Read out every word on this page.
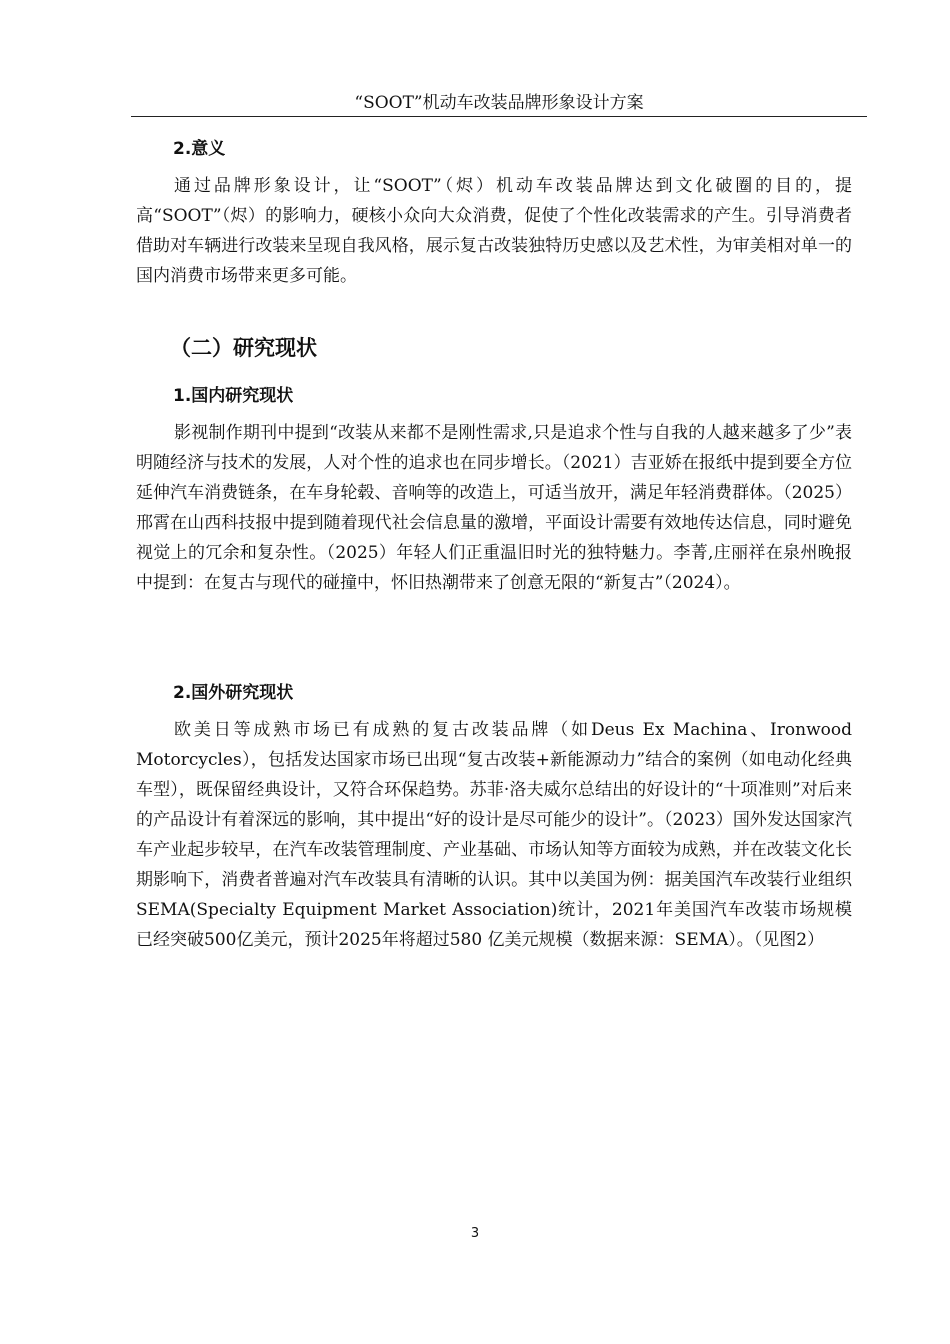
“SOOT”机动车改装品牌形象设计方案
2.意义

通过品牌形象设计，让“SOOT”（烬）机动车改装品牌达到文化破圈的目的，提高“SOOT”（烬）的影响力，硬核小众向大众消费，促使了个性化改装需求的产生。引导消费者借助对车辆进行改装来呈现自我风格，展示复古改装独特历史感以及艺术性，为审美相对单一的国内消费市场带来更多可能。

（二）研究现状
1.国内研究现状

影视制作期刊中提到“改装从来都不是刚性需求,只是追求个性与自我的人越来越多了少”表明随经济与技术的发展，人对个性的追求也在同步增长。（2021）吉亚娇在报纸中提到要全方位延伸汽车消费链条，在车身轮毂、音响等的改造上，可适当放开，满足年轻消费群体。（2025）邢霄在山西科技报中提到随着现代社会信息量的激增，平面设计需要有效地传达信息，同时避免视觉上的冗余和复杂性。（2025）年轻人们正重温旧时光的独特魅力。李菁,庄丽祥在泉州晚报中提到：在复古与现代的碰撞中，怀旧热潮带来了创意无限的“新复古”（2024）。

2.国外研究现状

欧美日等成熟市场已有成熟的复古改装品牌（如Deus Ex Machina、Ironwood Motorcycles），包括发达国家市场已出现“复古改装+新能源动力”结合的案例（如电动化经典车型），既保留经典设计，又符合环保趋势。苏菲·洛夫威尔总结出的好设计的“十项准则”对后来的产品设计有着深远的影响，其中提出“好的设计是尽可能少的设计”。（2023）国外发达国家汽车产业起步较早，在汽车改装管理制度、产业基础、市场认知等方面较为成熟，并在改装文化长期影响下，消费者普遍对汽车改装具有清晰的认识。其中以美国为例：据美国汽车改装行业组织SEMA(Specialty Equipment Market Association)统计，2021年美国汽车改装市场规模已经突破500亿美元，预计2025年将超过580 亿美元规模（数据来源：SEMA）。（见图2）

3
